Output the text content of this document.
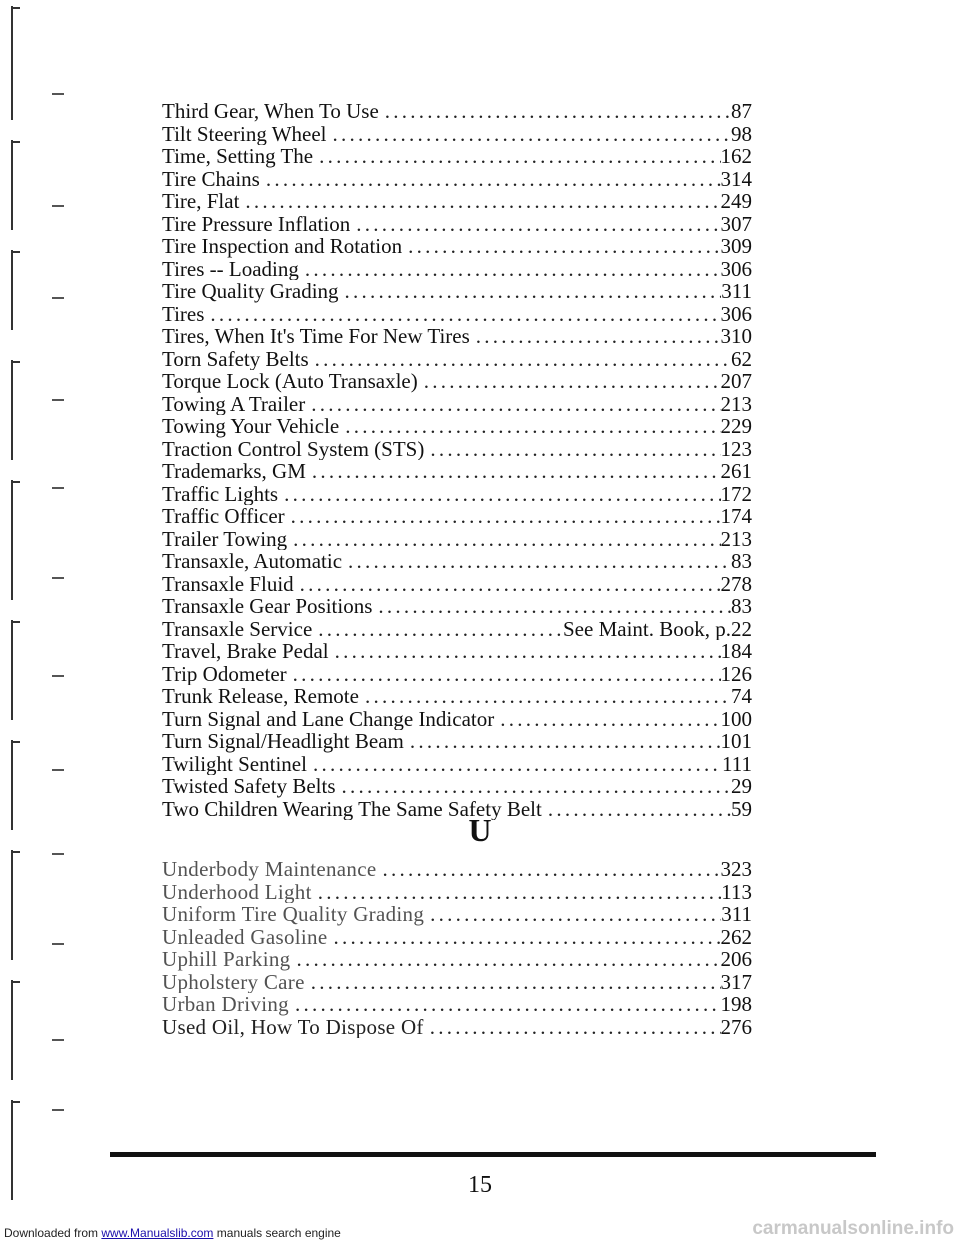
Third Gear, When To Use . . .	87
Tilt Steering Wheel . . .	98
Time, Setting The . . .	162
Tire Chains . . .	314
Tire, Flat . . .	249
Tire Pressure Inflation . . .	307
Tire Inspection and Rotation . . .	309
Tires -- Loading . . .	306
Tire Quality Grading . . .	311
Tires . . .	306
Tires, When It's Time For New Tires . . .	310
Torn Safety Belts . . .	62
Torque Lock (Auto Transaxle) . . .	207
Towing A Trailer . . .	213
Towing Your Vehicle . . .	229
Traction Control System (STS) . . .	123
Trademarks, GM . . .	261
Traffic Lights . . .	172
Traffic Officer . . .	174
Trailer Towing . . .	213
Transaxle, Automatic . . .	83
Transaxle Fluid . . .	278
Transaxle Gear Positions . . .	83
Transaxle Service . . .	See Maint. Book, p.22
Travel, Brake Pedal . . .	184
Trip Odometer . . .	126
Trunk Release, Remote . . .	74
Turn Signal and Lane Change Indicator . . .	100
Turn Signal/Headlight Beam . . .	101
Twilight Sentinel . . .	111
Twisted Safety Belts . . .	29
Two Children Wearing The Same Safety Belt . . .	59
U
Underbody Maintenance . . .	323
Underhood Light . . .	113
Uniform Tire Quality Grading . . .	311
Unleaded Gasoline . . .	262
Uphill Parking . . .	206
Upholstery Care . . .	317
Urban Driving . . .	198
Used Oil, How To Dispose Of . . .	276
15
Downloaded from www.Manualslib.com manuals search engine	carmanualsonline.info
